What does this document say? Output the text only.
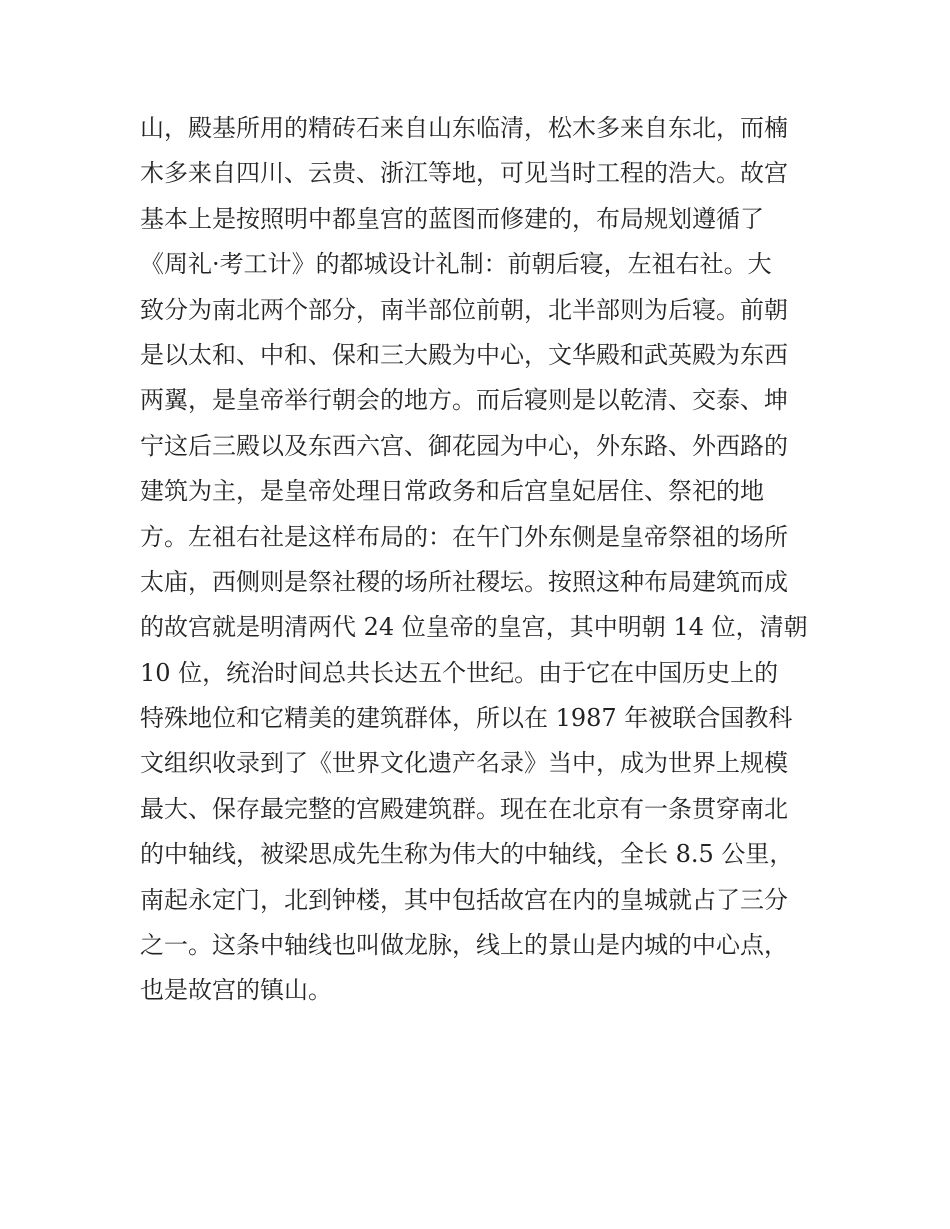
山，殿基所用的精砖石来自山东临清，松木多来自东北，而楠
木多来自四川、云贵、浙江等地，可见当时工程的浩大。故宫
基本上是按照明中都皇宫的蓝图而修建的，布局规划遵循了
《周礼·考工计》的都城设计礼制：前朝后寝，左祖右社。大
致分为南北两个部分，南半部位前朝，北半部则为后寝。前朝
是以太和、中和、保和三大殿为中心，文华殿和武英殿为东西
两翼，是皇帝举行朝会的地方。而后寝则是以乾清、交泰、坤
宁这后三殿以及东西六宫、御花园为中心，外东路、外西路的
建筑为主，是皇帝处理日常政务和后宫皇妃居住、祭祀的地
方。左祖右社是这样布局的：在午门外东侧是皇帝祭祖的场所
太庙，西侧则是祭社稷的场所社稷坛。按照这种布局建筑而成
的故宫就是明清两代 24 位皇帝的皇宫，其中明朝 14 位，清朝
10 位，统治时间总共长达五个世纪。由于它在中国历史上的
特殊地位和它精美的建筑群体，所以在 1987 年被联合国教科
文组织收录到了《世界文化遗产名录》当中，成为世界上规模
最大、保存最完整的宫殿建筑群。现在在北京有一条贯穿南北
的中轴线，被梁思成先生称为伟大的中轴线，全长 8.5 公里，
南起永定门，北到钟楼，其中包括故宫在内的皇城就占了三分
之一。这条中轴线也叫做龙脉，线上的景山是内城的中心点，
也是故宫的镇山。
